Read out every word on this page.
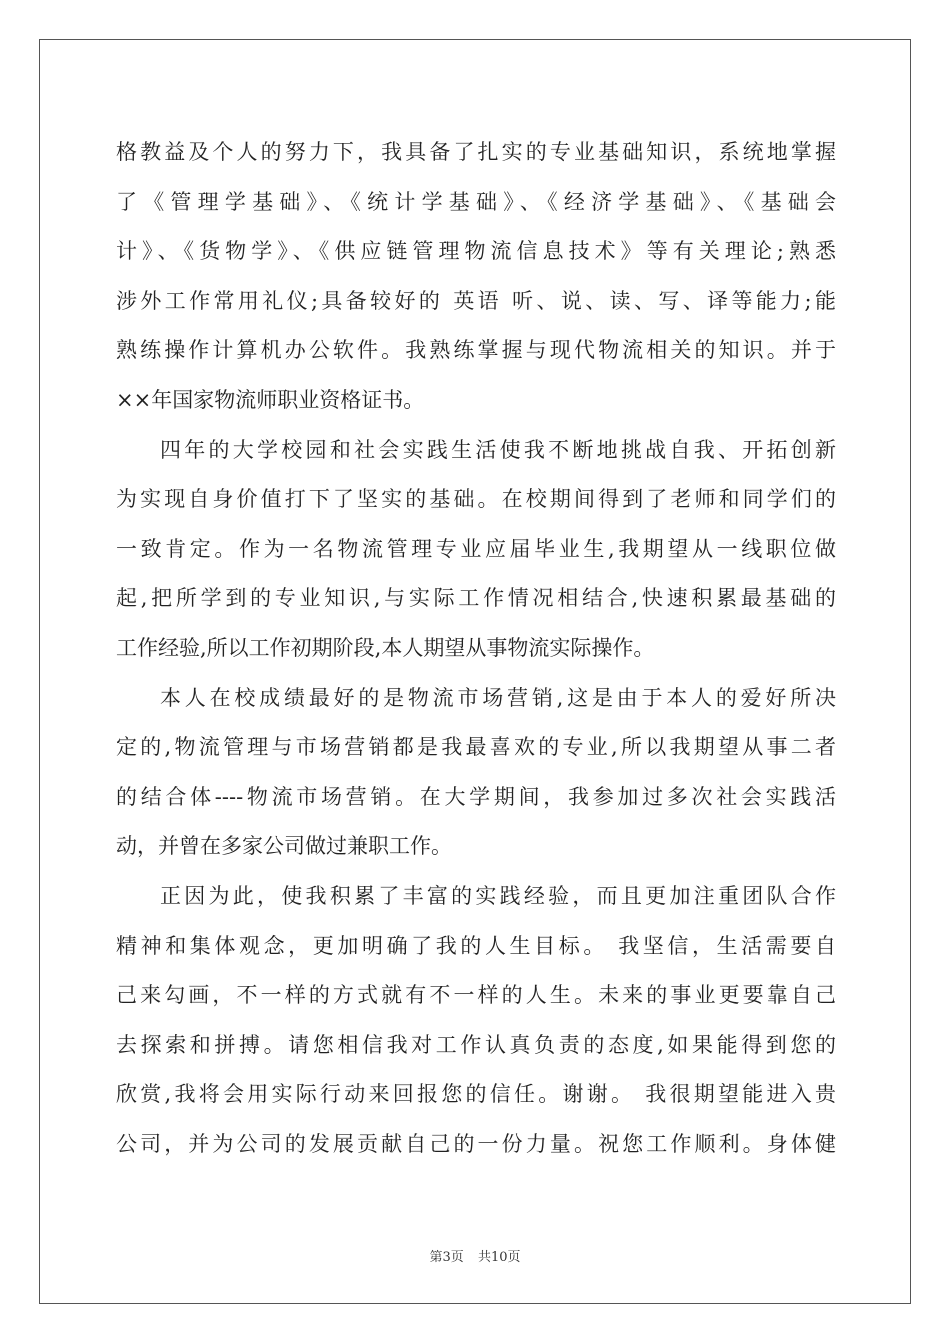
格教益及个人的努力下，我具备了扎实的专业基础知识，系统地掌握
了《管理学基础》、《统计学基础》、《经济学基础》、《基础会
计》、《货物学》、《供应链管理物流信息技术》等有关理论;熟悉
涉外工作常用礼仪;具备较好的 英语 听、说、读、写、译等能力;能
熟练操作计算机办公软件。我熟练掌握与现代物流相关的知识。并于
××年国家物流师职业资格证书。
四年的大学校园和社会实践生活使我不断地挑战自我、开拓创新
为实现自身价值打下了坚实的基础。在校期间得到了老师和同学们的
一致肯定。作为一名物流管理专业应届毕业生,我期望从一线职位做
起,把所学到的专业知识,与实际工作情况相结合,快速积累最基础的
工作经验,所以工作初期阶段,本人期望从事物流实际操作。
本人在校成绩最好的是物流市场营销,这是由于本人的爱好所决
定的,物流管理与市场营销都是我最喜欢的专业,所以我期望从事二者
的结合体----物流市场营销。在大学期间，我参加过多次社会实践活
动，并曾在多家公司做过兼职工作。
正因为此，使我积累了丰富的实践经验，而且更加注重团队合作
精神和集体观念，更加明确了我的人生目标。 我坚信，生活需要自
己来勾画，不一样的方式就有不一样的人生。未来的事业更要靠自己
去探索和拼搏。请您相信我对工作认真负责的态度,如果能得到您的
欣赏,我将会用实际行动来回报您的信任。谢谢。 我很期望能进入贵
公司，并为公司的发展贡献自己的一份力量。祝您工作顺利。身体健
第3页 共10页
